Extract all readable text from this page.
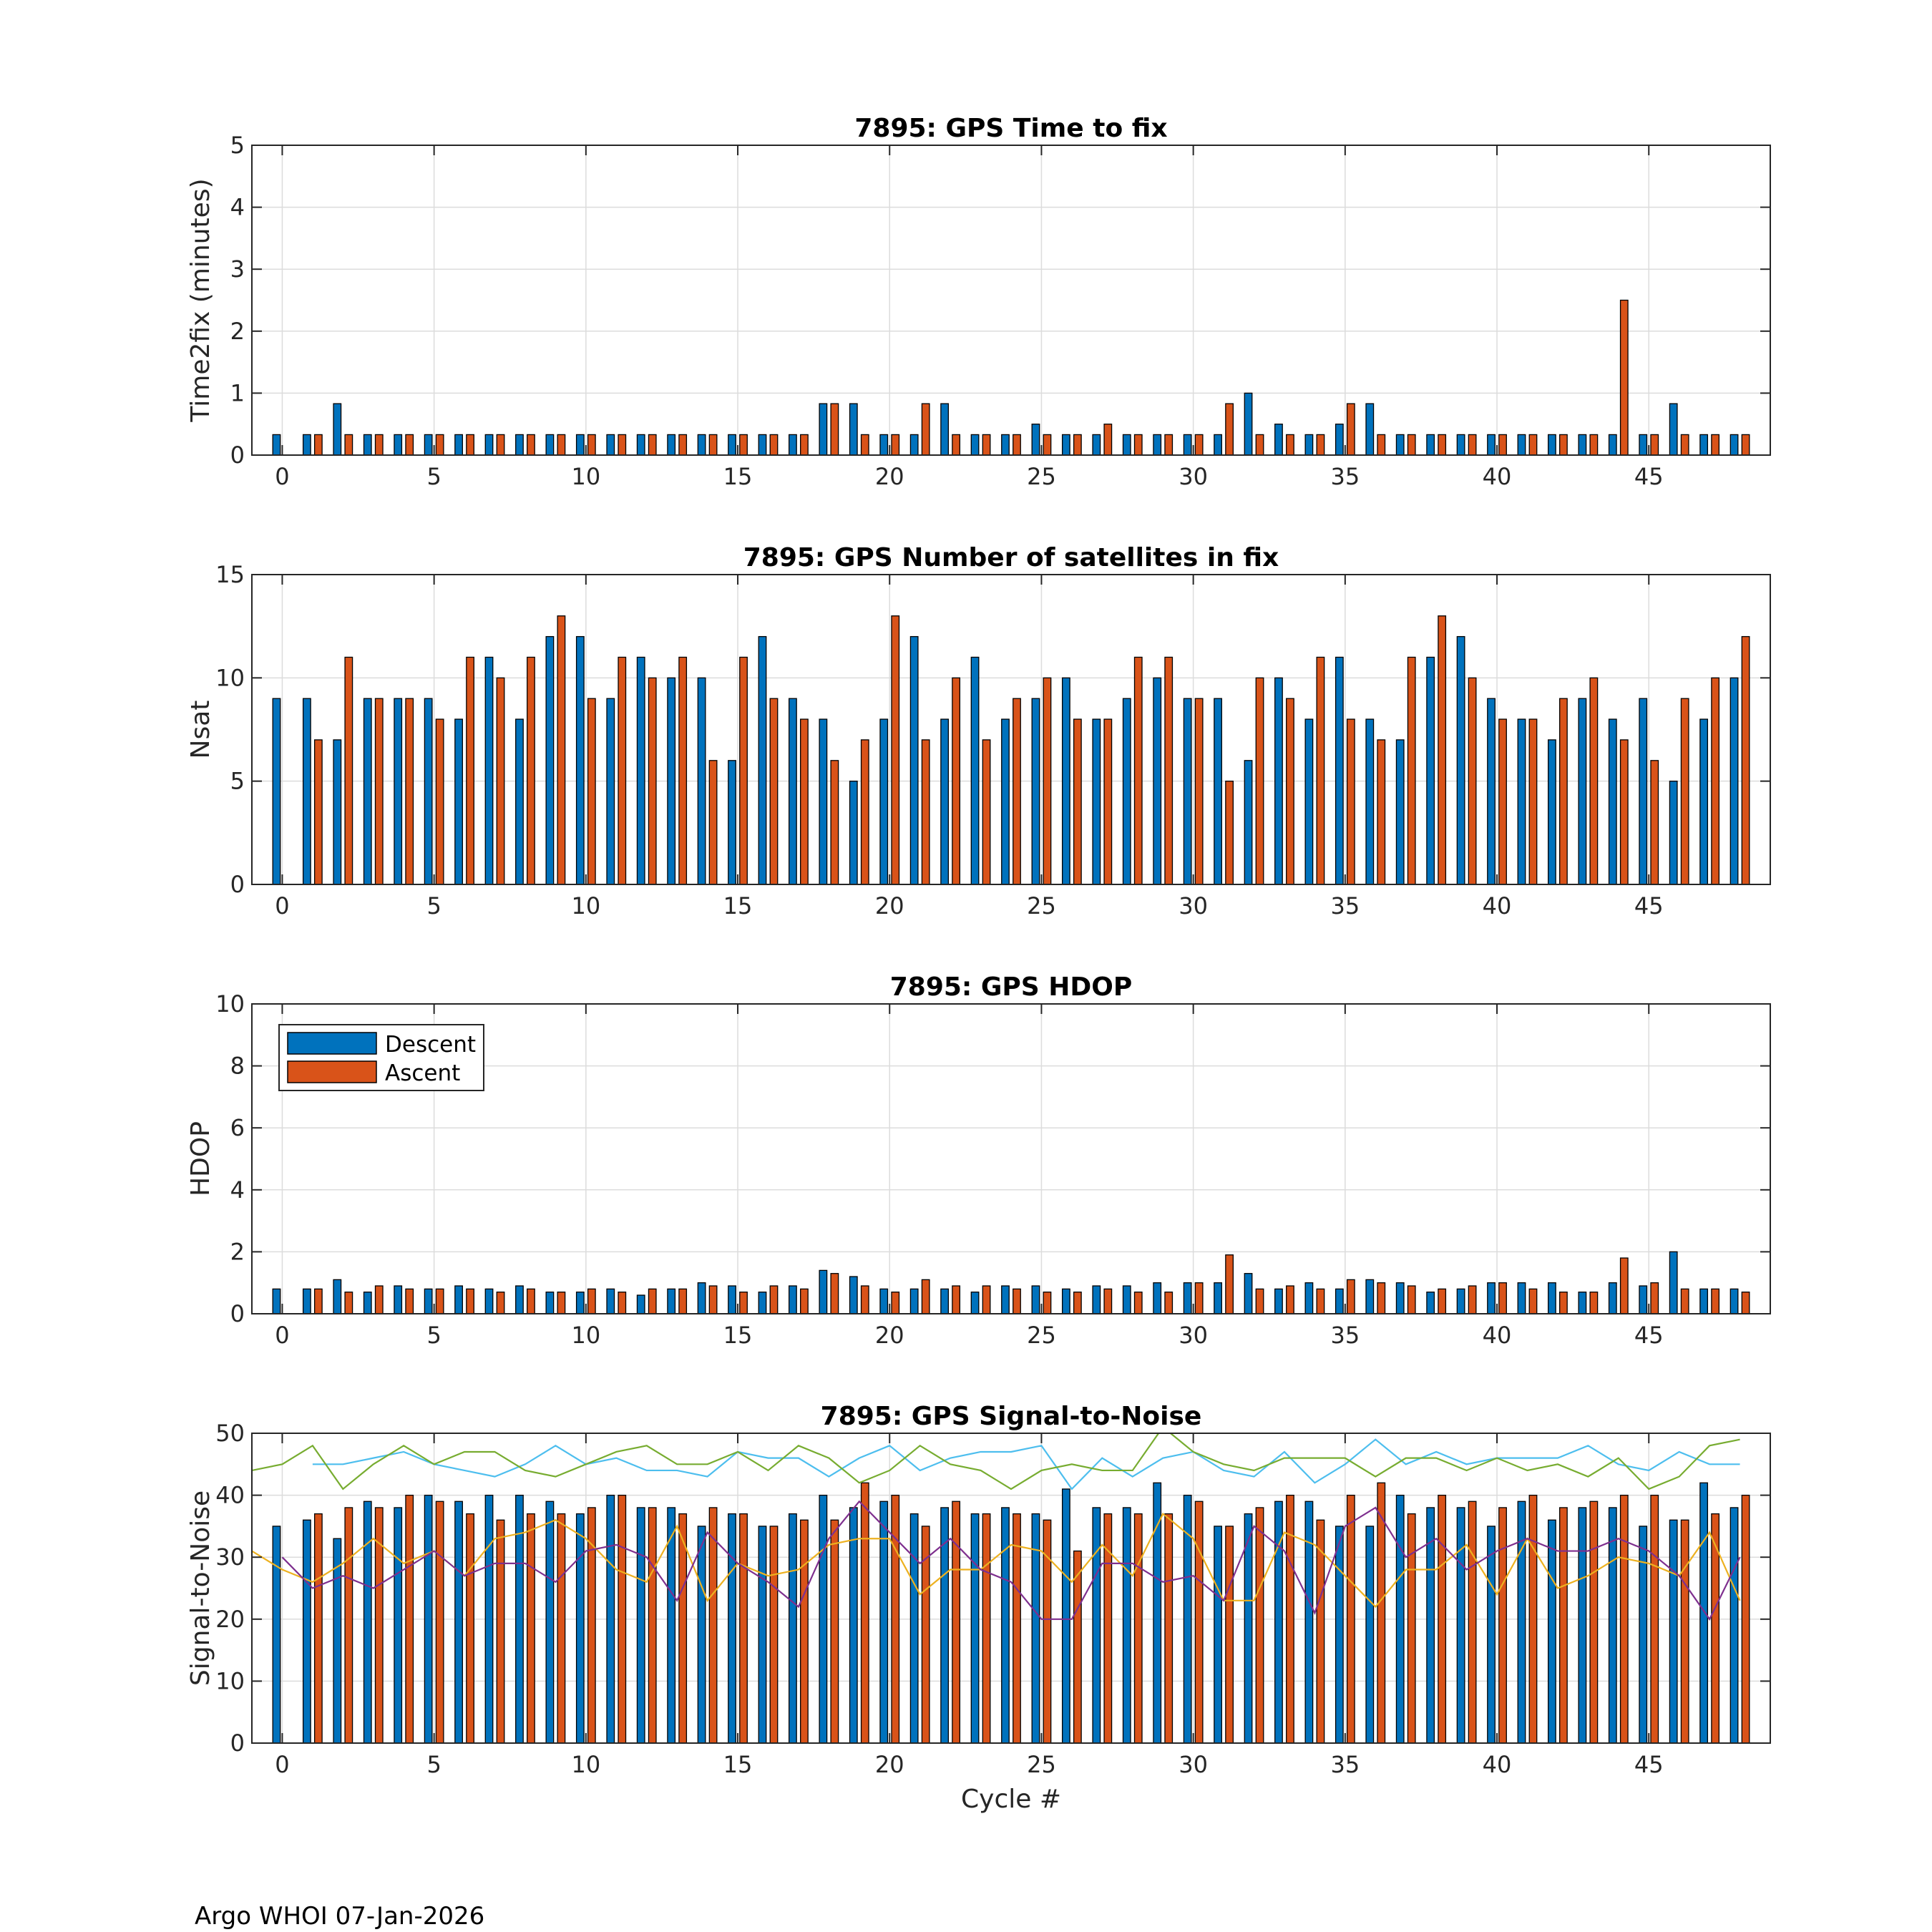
0	5	10	15	20	25	30	35	40	45
0
1
2
3
4
5
7895: GPS Time to fix
Time2fix (minutes)
0	5	10	15	20	25	30	35	40	45
0
5
10
15
7895: GPS Number of satellites in fix
Nsat
0	5	10	15	20	25	30	35	40	45
0
2
4
6
8
10
7895: GPS HDOP
HDOP
Descent
Ascent
0	5	10	15	20	25	30	35	40	45
0
10
20
30
40
50
7895: GPS Signal-to-Noise
Signal-to-Noise
Cycle #
Argo WHOI 07-Jan-2026
